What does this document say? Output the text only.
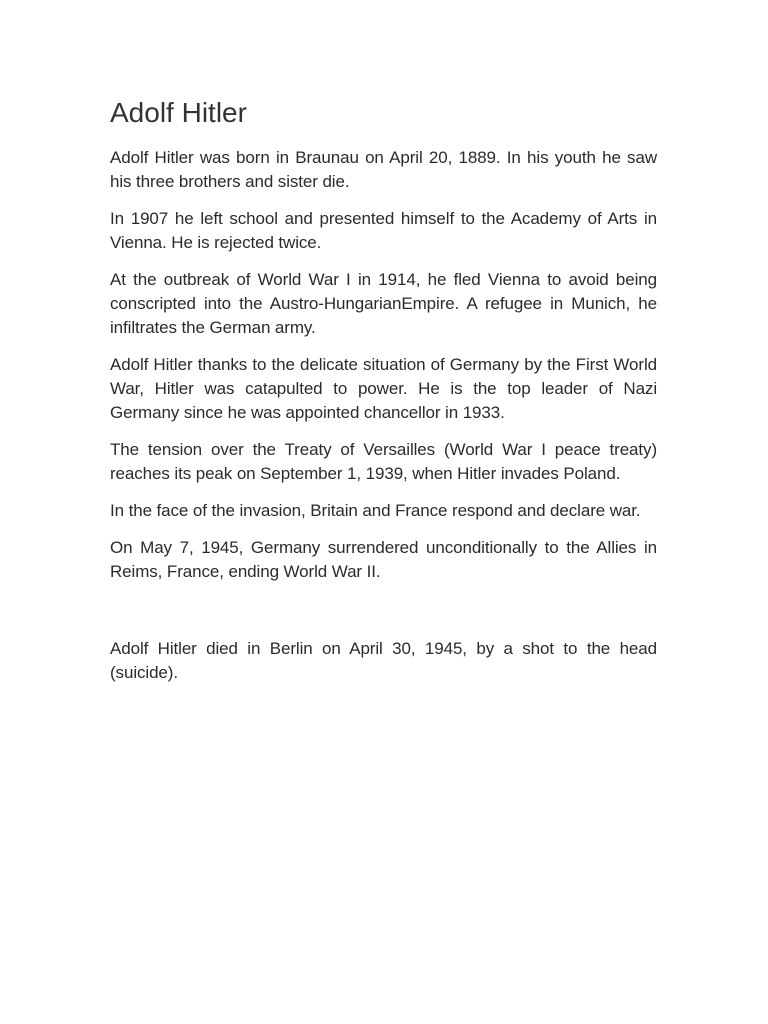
Adolf Hitler

Adolf Hitler was born in Braunau on April 20, 1889. In his youth he saw his three brothers and sister die.

In 1907 he left school and presented himself to the Academy of Arts in Vienna. He is rejected twice.

At the outbreak of World War I in 1914, he fled Vienna to avoid being conscripted into the Austro-HungarianEmpire. A refugee in Munich, he infiltrates the German army.

Adolf Hitler thanks to the delicate situation of Germany by the First World War, Hitler was catapulted to power. He is the top leader of Nazi Germany since he was appointed chancellor in 1933.

The tension over the Treaty of Versailles (World War I peace treaty) reaches its peak on September 1, 1939, when Hitler invades Poland.

In the face of the invasion, Britain and France respond and declare war.

On May 7, 1945, Germany surrendered unconditionally to the Allies in Reims, France, ending World War II.

Adolf Hitler died in Berlin on April 30, 1945, by a shot to the head (suicide).
